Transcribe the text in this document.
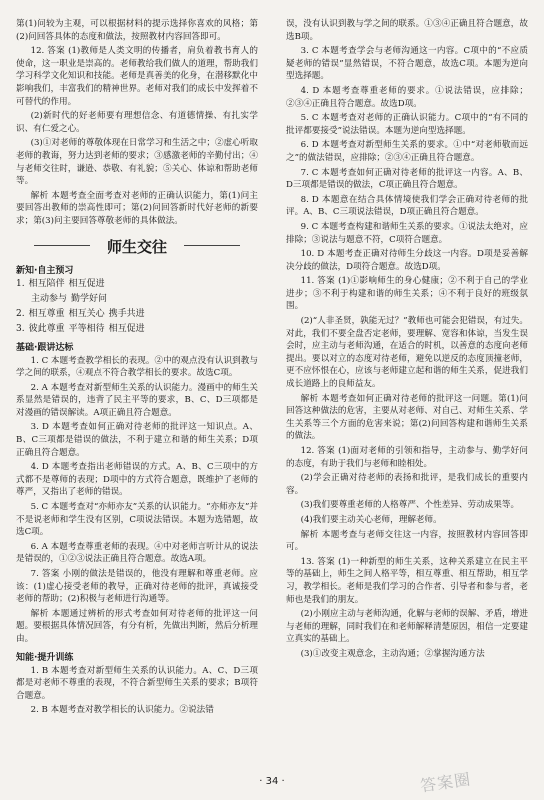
第(1)问较为主观，可以根据材料的提示选择你喜欢的风格；第(2)问回答具体的态度和做法，按照教材内容回答即可。

12. 答案 (1)教师是人类文明的传播者，肩负着教书育人的使命，这一职业是崇高的。老师教给我们做人的道理，帮助我们学习科学文化知识和技能。老师是真善美的化身，在潜移默化中影响我们，丰富我们的精神世界。老师对我们的成长中发挥着不可替代的作用。

(2)新时代的好老师要有理想信念、有道德情操、有扎实学识、有仁爱之心。

(3)①对老师的尊敬体现在日常学习和生活之中；②虚心听取老师的教诲，努力达到老师的要求；③感激老师的辛勤付出；④与老师交往时，谦逊、恭敬、有礼貌；⑤关心、体谅和帮助老师等。

解析 本题考查全面考查对老师的正确认识能力，第(1)问主要回答出教师的崇高性即可；第(2)问回答新时代好老师的新要求；第(3)问主要回答尊敬老师的具体做法。

师生交往
新知·自主预习
1. 相互陪伴 相互促进
主动参与 勤学好问
2. 相互尊重 相互关心 携手共进
3. 彼此尊重 平等相待 相互促进
基础·跟讲达标

1. C 本题考查教学相长的表现。②中的观点没有认识到教与学之间的联系，④观点不符合教学相长的要求。故选C项。

2. A 本题考查对新型师生关系的认识能力。漫画中的师生关系显然是错误的，违背了民主平等的要求，B、C、D三项都是对漫画的错误解读。A项正确且符合题意。

3. D 本题考查如何正确对待老师的批评这一知识点。A、B、C三项都是错误的做法，不利于建立和谐的师生关系；D项正确且符合题意。

4. D 本题考查指出老师错误的方式。A、B、C三项中的方式都不是尊师的表现；D项中的方式符合题意，既维护了老师的尊严，又指出了老师的错误。

5. C 本题考查对“亦师亦友”关系的认识能力。“亦师亦友”并不是说老师和学生没有区别，C项说法错误。本题为选错题，故选C项。

6. A 本题考查尊重老师的表现。④中对老师言听计从的说法是错误的，①②③说法正确且符合题意。故选A项。

7. 答案 小刚的做法是错误的，他没有理解和尊重老师。应该：(1)虚心接受老师的教导，正确对待老师的批评，真诚接受老师的帮助；(2)积极与老师进行沟通等。

解析 本题通过辨析的形式考查如何对待老师的批评这一问题。要根据具体情况回答，有分有析，先做出判断，然后分析理由。

知能·提升训练

1. B 本题考查对新型师生关系的认识能力。A、C、D三项都是对老师不尊重的表现，不符合新型师生关系的要求；B项符合题意。

2. B 本题考查对教学相长的认识能力。②说法错

误，没有认识到教与学之间的联系。①③④正确且符合题意，故选B项。

3. C 本题考查学会与老师沟通这一内容。C项中的“不应质疑老师的错误”显然错误，不符合题意，故选C项。本题为逆向型选择题。

4. D 本题考查尊重老师的要求。①说法错误，应排除；②③④正确且符合题意。故选D项。

5. C 本题考查对老师的正确认识能力。C项中的“有不同的批评都要接受”说法错误。本题为逆向型选择题。

6. D 本题考查对新型师生关系的要求。①中“对老师敬而远之”的做法错误，应排除；②③④正确且符合题意。

7. C 本题考查如何正确对待老师的批评这一内容。A、B、D三项都是错误的做法，C项正确且符合题意。

8. D 本题意在结合具体情境使我们学会正确对待老师的批评。A、B、C三项说法错误，D项正确且符合题意。

9. C 本题考查构建和谐师生关系的要求。①说法太绝对，应排除；③说法与题意不符，C项符合题意。

10. D 本题考查正确对待师生分歧这一内容。D项是妥善解决分歧的做法，D项符合题意。故选D项。

11. 答案 (1)①影响师生的身心健康；②不利于自己的学业进步；③不利于构建和谐的师生关系；④不利于良好的班级氛围。

(2)“人非圣贤，孰能无过？”教师也可能会犯错误，有过失。对此，我们不要全盘否定老师，要理解、宽容和体谅，当发生误会时，应主动与老师沟通，在适合的时机，以善意的态度向老师提出。要以对立的态度对待老师，避免以逆反的态度顶撞老师，更不应怀恨在心，应该与老师建立起和谐的师生关系，促进我们成长道路上的良师益友。

解析 本题考查如何正确对待老师的批评这一问题。第(1)问回答这种做法的危害，主要从对老师、对自己、对师生关系、学生关系等三个方面的危害来说；第(2)问回答构建和谐师生关系的做法。

12. 答案 (1)面对老师的引领和指导，主动参与、勤学好问的态度，有助于我们与老师和睦相处。

(2)学会正确对待老师的表扬和批评，是我们成长的重要内容。

(3)我们要尊重老师的人格尊严、个性差异、劳动成果等。

(4)我们要主动关心老师，理解老师。

解析 本题考查与老师交往这一内容，按照教材内容回答即可。

13. 答案 (1)一种新型的师生关系，这种关系建立在民主平等的基础上，师生之间人格平等，相互尊重、相互帮助，相互学习，教学相长。老师是我们学习的合作者、引导者和参与者，老师也是我们的朋友。

(2)小刚应主动与老师沟通，化解与老师的误解、矛盾，增进与老师的理解，同时我们在和老师解释清楚原因，相信一定要建立真实的基础上。

(3)①改变主观意念，主动沟通；②掌握沟通方法

· 34 ·	答案圈
